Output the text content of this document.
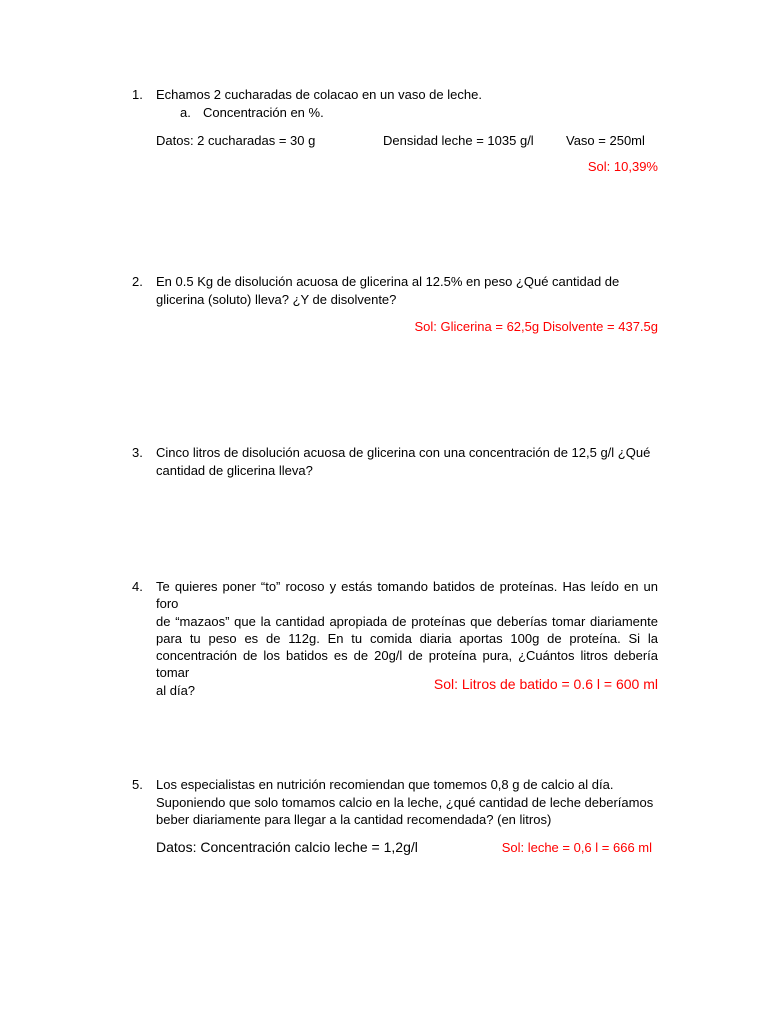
1. Echamos 2 cucharadas de colacao en un vaso de leche.
a. Concentración en %.
Datos: 2 cucharadas = 30 g	Densidad leche = 1035 g/l Vaso = 250ml
Sol: 10,39%
2. En 0.5 Kg de disolución acuosa de glicerina al 12.5% en peso ¿Qué cantidad de
glicerina (soluto) lleva? ¿Y de disolvente?
Sol: Glicerina = 62,5g Disolvente = 437.5g
3. Cinco litros de disolución acuosa de glicerina con una concentración de 12,5 g/l ¿Qué
cantidad de glicerina lleva?
4. Te quieres poner “to” rocoso y estás tomando batidos de proteínas. Has leído en un foro
de “mazaos” que la cantidad apropiada de proteínas que deberías tomar diariamente
para tu peso es de 112g. En tu comida diaria aportas 100g de proteína. Si la
concentración de los batidos es de 20g/l de proteína pura, ¿Cuántos litros debería tomar
al día?	Sol: Litros de batido = 0.6 l = 600 ml
5. Los especialistas en nutrición recomiendan que tomemos 0,8 g de calcio al día.
Suponiendo que solo tomamos calcio en la leche, ¿qué cantidad de leche deberíamos
beber diariamente para llegar a la cantidad recomendada? (en litros)
Datos: Concentración calcio leche = 1,2g/l	Sol: leche = 0,6 l = 666 ml
